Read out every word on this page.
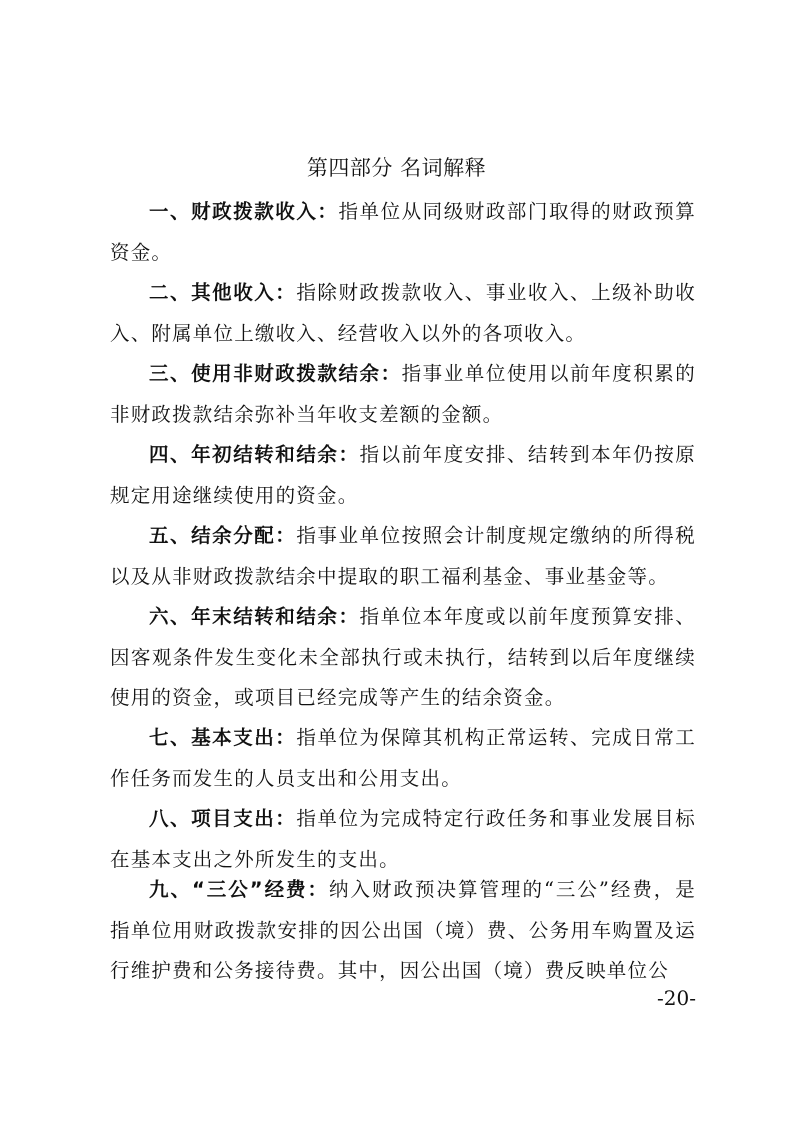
第四部分 名词解释

一、财政拨款收入：指单位从同级财政部门取得的财政预算资金。

二、其他收入：指除财政拨款收入、事业收入、上级补助收入、附属单位上缴收入、经营收入以外的各项收入。

三、使用非财政拨款结余：指事业单位使用以前年度积累的非财政拨款结余弥补当年收支差额的金额。

四、年初结转和结余：指以前年度安排、结转到本年仍按原规定用途继续使用的资金。

五、结余分配：指事业单位按照会计制度规定缴纳的所得税以及从非财政拨款结余中提取的职工福利基金、事业基金等。

六、年末结转和结余：指单位本年度或以前年度预算安排、因客观条件发生变化未全部执行或未执行，结转到以后年度继续使用的资金，或项目已经完成等产生的结余资金。

七、基本支出：指单位为保障其机构正常运转、完成日常工作任务而发生的人员支出和公用支出。

八、项目支出：指单位为完成特定行政任务和事业发展目标在基本支出之外所发生的支出。

九、“三公”经费：纳入财政预决算管理的“三公”经费，是指单位用财政拨款安排的因公出国（境）费、公务用车购置及运行维护费和公务接待费。其中，因公出国（境）费反映单位公

-20-
